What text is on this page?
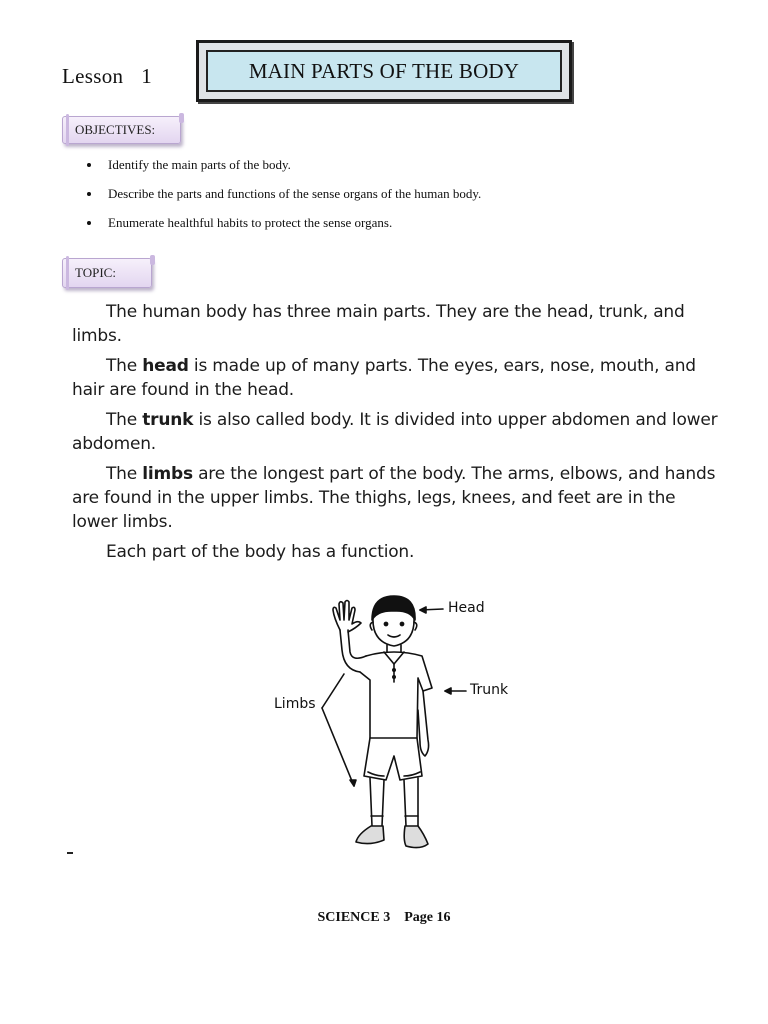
Lesson 1	MAIN PARTS OF THE BODY
OBJECTIVES:
Identify the main parts of the body.
Describe the parts and functions of the sense organs of the human body.
Enumerate healthful habits to protect the sense organs.
TOPIC:

The human body has three main parts. They are the head, trunk, and limbs.

The head is made up of many parts. The eyes, ears, nose, mouth, and hair are found in the head.

The trunk is also called body. It is divided into upper abdomen and lower abdomen.

The limbs are the longest part of the body. The arms, elbows, and hands are found in the upper limbs. The thighs, legs, knees, and feet are in the lower limbs.

Each part of the body has a function.

Head
Trunk
Limbs
SCIENCE 3 Page 16
